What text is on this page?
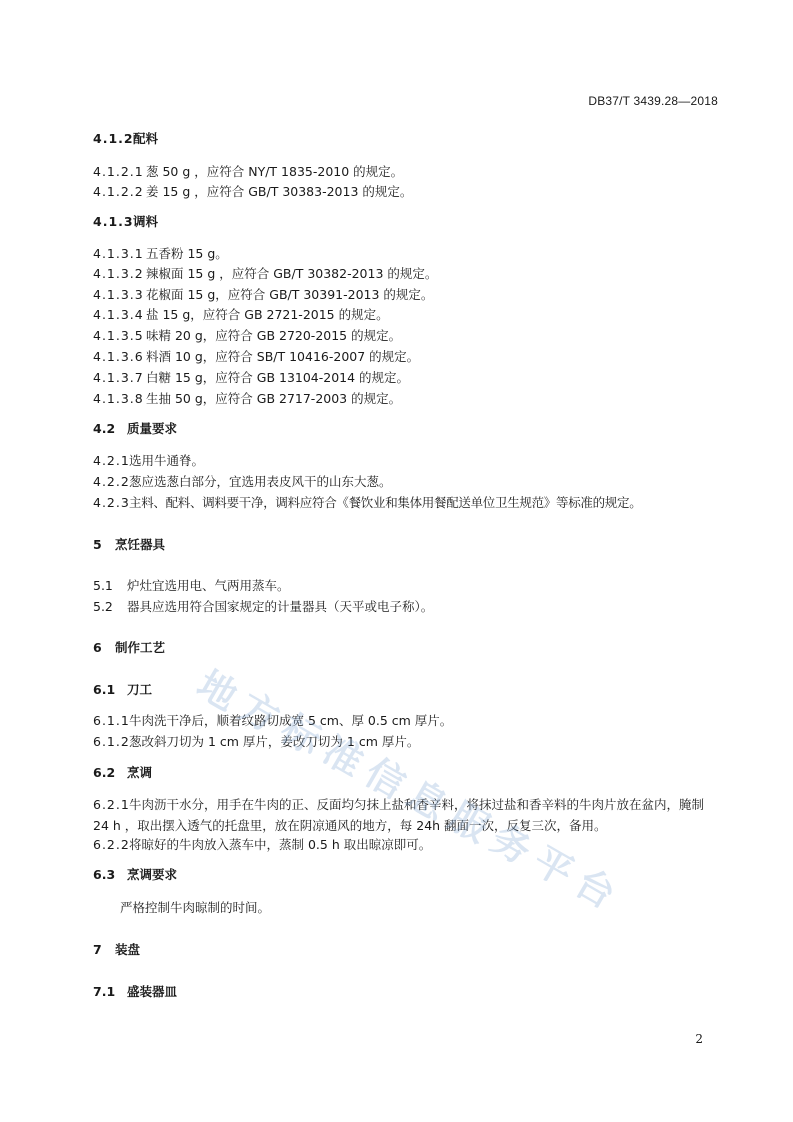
DB37/T 3439.28—2018
4.1.2配料
4.1.2.1 葱 50 g ，应符合 NY/T 1835-2010 的规定。
4.1.2.2 姜 15 g ，应符合 GB/T 30383-2013 的规定。
4.1.3调料
4.1.3.1 五香粉 15 g。
4.1.3.2 辣椒面 15 g ，应符合 GB/T 30382-2013 的规定。
4.1.3.3 花椒面 15 g，应符合 GB/T 30391-2013 的规定。
4.1.3.4 盐 15 g，应符合 GB 2721-2015 的规定。
4.1.3.5 味精 20 g，应符合 GB 2720-2015 的规定。
4.1.3.6 料酒 10 g，应符合 SB/T 10416-2007 的规定。
4.1.3.7 白糖 15 g，应符合 GB 13104-2014 的规定。
4.1.3.8 生抽 50 g，应符合 GB 2717-2003 的规定。
4.2 质量要求
4.2.1选用牛通脊。
4.2.2葱应选葱白部分，宜选用表皮风干的山东大葱。
4.2.3主料、配料、调料要干净，调料应符合《餐饮业和集体用餐配送单位卫生规范》等标准的规定。
5 烹饪器具
5.1 炉灶宜选用电、气两用蒸车。
5.2 器具应选用符合国家规定的计量器具（天平或电子称）。
6 制作工艺
6.1 刀工
6.1.1牛肉洗干净后，顺着纹路切成宽 5 cm、厚 0.5 cm 厚片。
6.1.2葱改斜刀切为 1 cm 厚片，姜改刀切为 1 cm 厚片。
6.2 烹调
6.2.1牛肉沥干水分，用手在牛肉的正、反面均匀抹上盐和香辛料，将抹过盐和香辛料的牛肉片放在盆内，腌制 24 h ，取出摆入透气的托盘里，放在阴凉通风的地方，每 24h 翻面一次，反复三次，备用。
6.2.2将晾好的牛肉放入蒸车中，蒸制 0.5 h 取出晾凉即可。
6.3 烹调要求
严格控制牛肉晾制的时间。
7 装盘
7.1 盛装器皿
地
方
标
准
信
息
服
务
平
台
2
